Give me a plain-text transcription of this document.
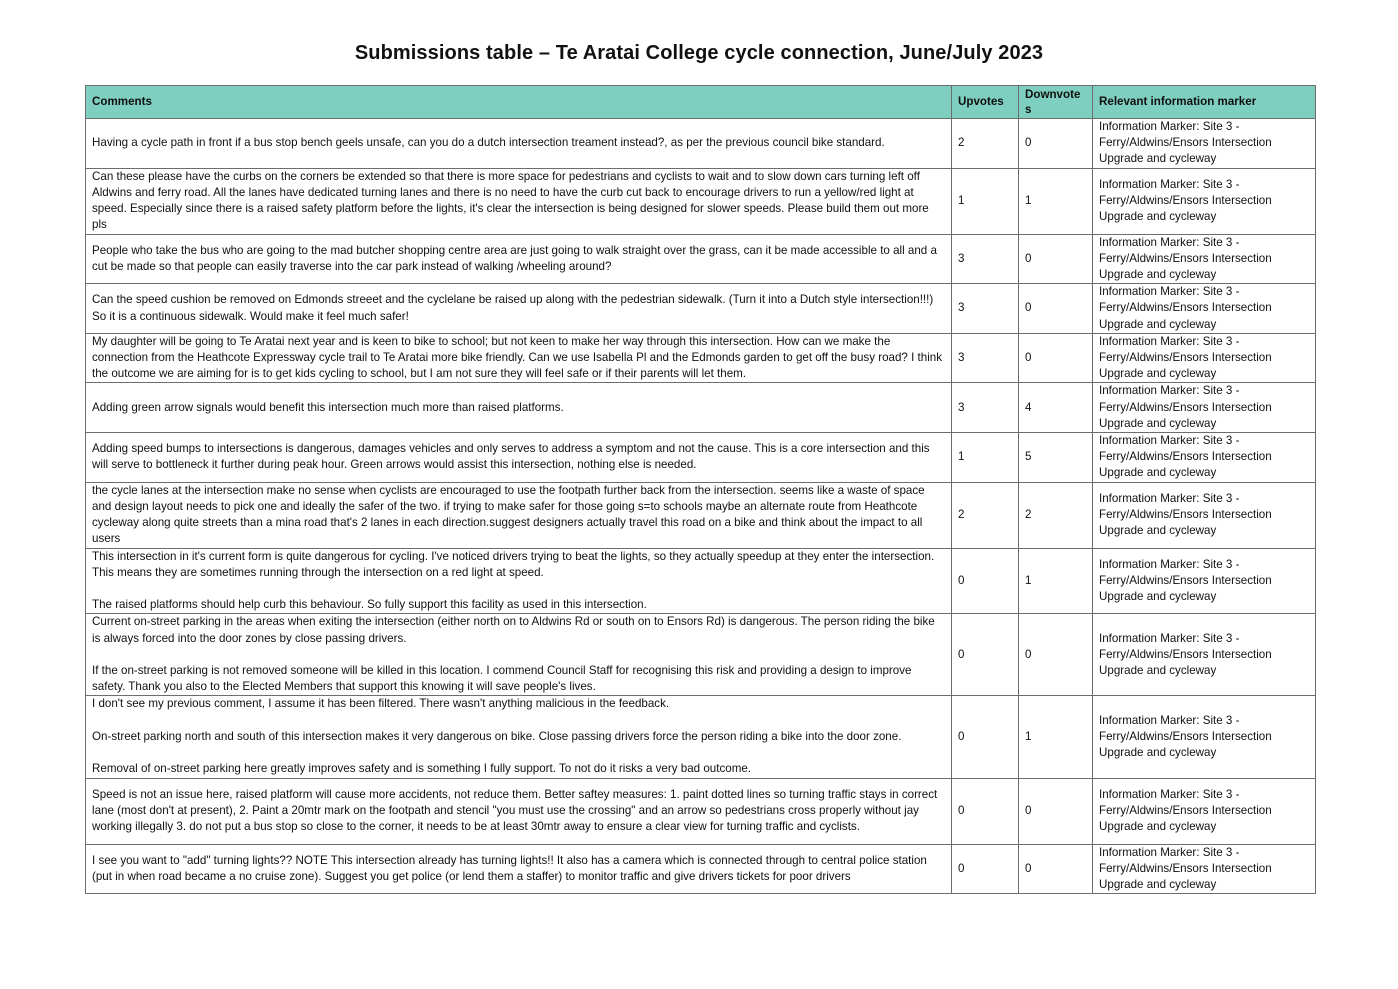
Submissions table – Te Aratai College cycle connection, June/July 2023
Comments	Upvotes	Downvote s	Relevant information marker
Having a cycle path in front if a bus stop bench geels unsafe, can you do a dutch intersection treament instead?, as per the previous council bike standard.	2	0	Information Marker: Site 3 - Ferry/Aldwins/Ensors Intersection Upgrade and cycleway
Can these please have the curbs on the corners be extended so that there is more space for pedestrians and cyclists to wait and to slow down cars turning left off Aldwins and ferry road. All the lanes have dedicated turning lanes and there is no need to have the curb cut back to encourage drivers to run a yellow/red light at speed. Especially since there is a raised safety platform before the lights, it's clear the intersection is being designed for slower speeds. Please build them out more pls	1	1	Information Marker: Site 3 - Ferry/Aldwins/Ensors Intersection Upgrade and cycleway
People who take the bus who are going to the mad butcher shopping centre area are just going to walk straight over the grass, can it be made accessible to all and a cut be made so that people can easily traverse into the car park instead of walking /wheeling around?	3	0	Information Marker: Site 3 - Ferry/Aldwins/Ensors Intersection Upgrade and cycleway
Can the speed cushion be removed on Edmonds streeet and the cyclelane be raised up along with the pedestrian sidewalk. (Turn it into a Dutch style intersection!!!) So it is a continuous sidewalk. Would make it feel much safer!	3	0	Information Marker: Site 3 - Ferry/Aldwins/Ensors Intersection Upgrade and cycleway
My daughter will be going to Te Aratai next year and is keen to bike to school; but not keen to make her way through this intersection. How can we make the connection from the Heathcote Expressway cycle trail to Te Aratai more bike friendly. Can we use Isabella Pl and the Edmonds garden to get off the busy road? I think the outcome we are aiming for is to get kids cycling to school, but I am not sure they will feel safe or if their parents will let them.	3	0	Information Marker: Site 3 - Ferry/Aldwins/Ensors Intersection Upgrade and cycleway
Adding green arrow signals would benefit this intersection much more than raised platforms.	3	4	Information Marker: Site 3 - Ferry/Aldwins/Ensors Intersection Upgrade and cycleway
Adding speed bumps to intersections is dangerous, damages vehicles and only serves to address a symptom and not the cause. This is a core intersection and this will serve to bottleneck it further during peak hour. Green arrows would assist this intersection, nothing else is needed.	1	5	Information Marker: Site 3 - Ferry/Aldwins/Ensors Intersection Upgrade and cycleway
the cycle lanes at the intersection make no sense when cyclists are encouraged to use the footpath further back from the intersection. seems like a waste of space and design layout needs to pick one and ideally the safer of the two. if trying to make safer for those going s=to schools maybe an alternate route from Heathcote cycleway along quite streets than a mina road that's 2 lanes in each direction.suggest designers actually travel this road on a bike and think about the impact to all users	2	2	Information Marker: Site 3 - Ferry/Aldwins/Ensors Intersection Upgrade and cycleway
This intersection in it's current form is quite dangerous for cycling. I've noticed drivers trying to beat the lights, so they actually speedup at they enter the intersection. This means they are sometimes running through the intersection on a red light at speed.

The raised platforms should help curb this behaviour. So fully support this facility as used in this intersection.	0	1	Information Marker: Site 3 - Ferry/Aldwins/Ensors Intersection Upgrade and cycleway
Current on-street parking in the areas when exiting the intersection (either north on to Aldwins Rd or south on to Ensors Rd) is dangerous. The person riding the bike is always forced into the door zones by close passing drivers.

If the on-street parking is not removed someone will be killed in this location. I commend Council Staff for recognising this risk and providing a design to improve safety. Thank you also to the Elected Members that support this knowing it will save people's lives.	0	0	Information Marker: Site 3 - Ferry/Aldwins/Ensors Intersection Upgrade and cycleway
I don't see my previous comment, I assume it has been filtered. There wasn't anything malicious in the feedback.

On-street parking north and south of this intersection makes it very dangerous on bike. Close passing drivers force the person riding a bike into the door zone.

Removal of on-street parking here greatly improves safety and is something I fully support. To not do it risks a very bad outcome.	0	1	Information Marker: Site 3 - Ferry/Aldwins/Ensors Intersection Upgrade and cycleway
Speed is not an issue here, raised platform will cause more accidents, not reduce them. Better saftey measures: 1. paint dotted lines so turning traffic stays in correct lane (most don't at present), 2. Paint a 20mtr mark on the footpath and stencil "you must use the crossing" and an arrow so pedestrians cross properly without jay working illegally 3. do not put a bus stop so close to the corner, it needs to be at least 30mtr away to ensure a clear view for turning traffic and cyclists.	0	0	Information Marker: Site 3 - Ferry/Aldwins/Ensors Intersection Upgrade and cycleway
I see you want to "add" turning lights?? NOTE This intersection already has turning lights!! It also has a camera which is connected through to central police station (put in when road became a no cruise zone). Suggest you get police (or lend them a staffer) to monitor traffic and give drivers tickets for poor drivers	0	0	Information Marker: Site 3 - Ferry/Aldwins/Ensors Intersection Upgrade and cycleway
